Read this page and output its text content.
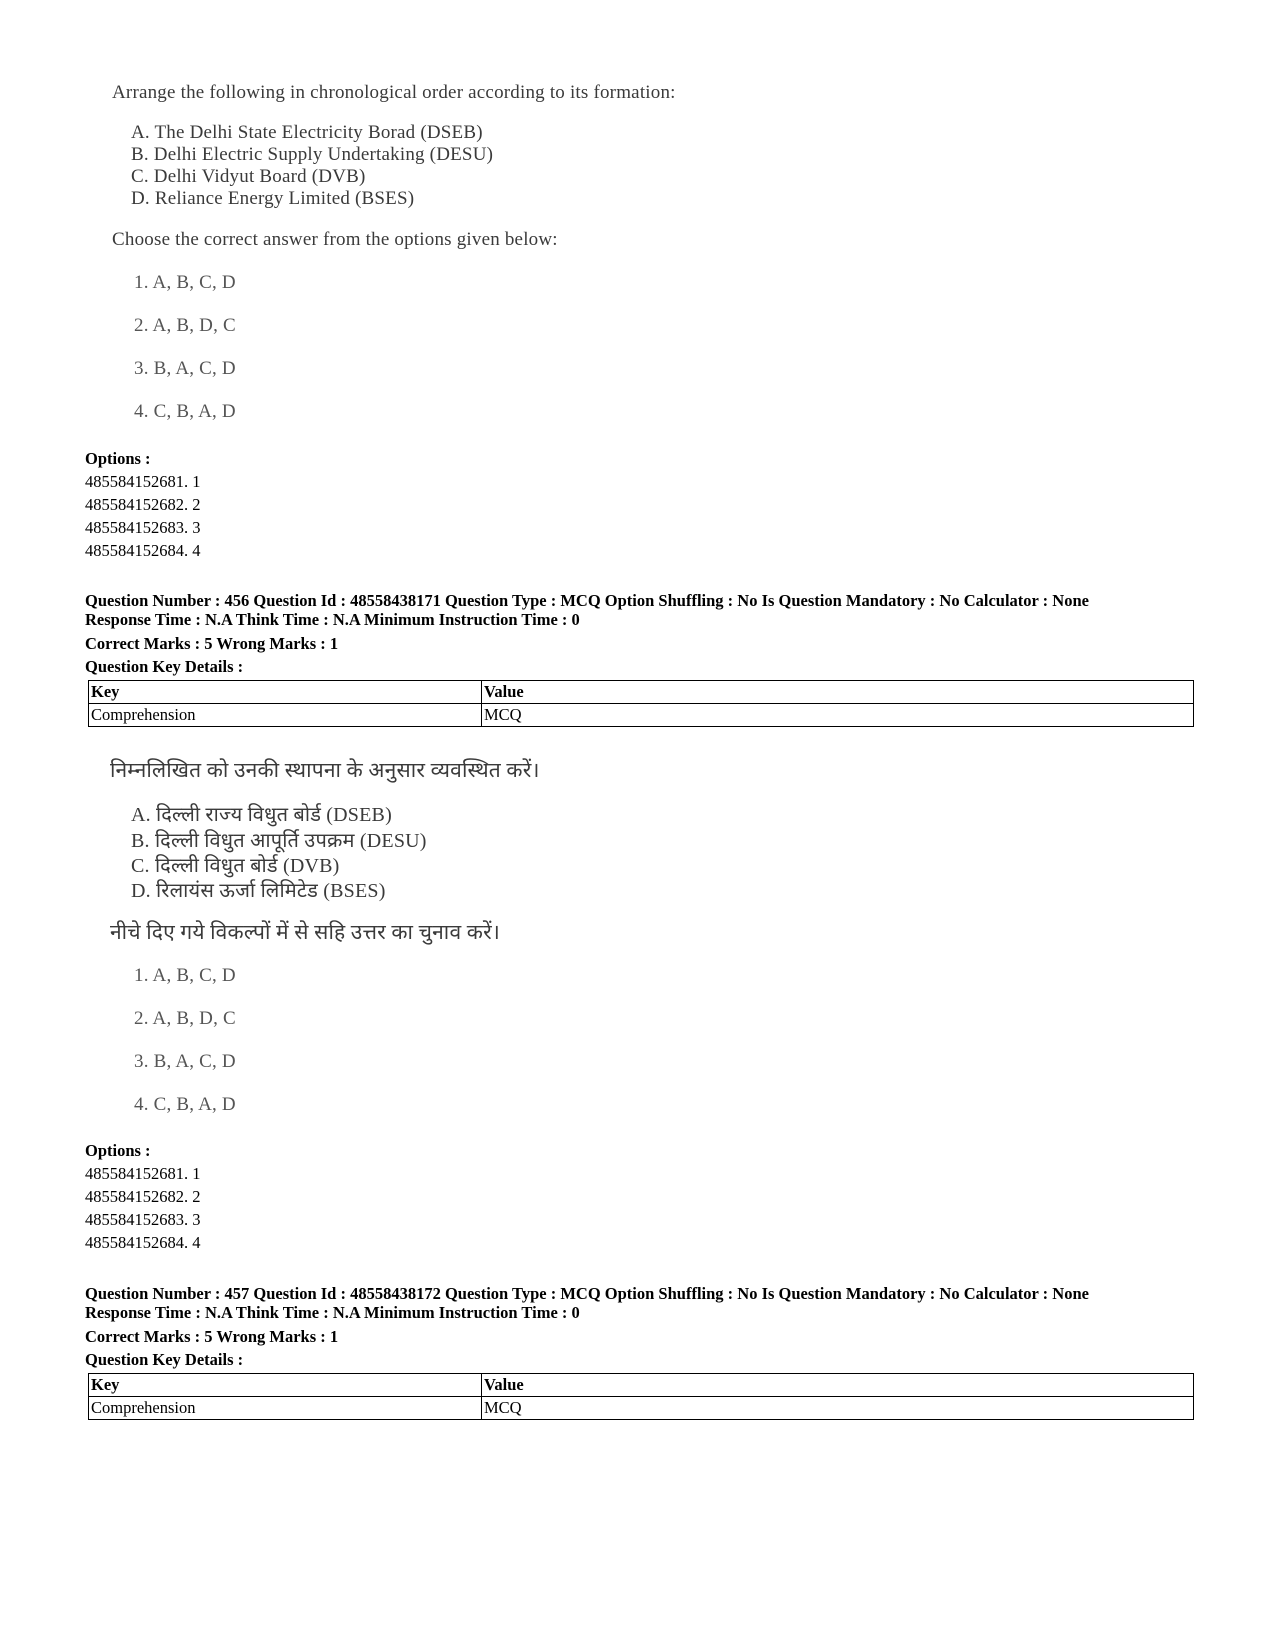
Arrange the following in chronological order according to its formation:
A. The Delhi State Electricity Borad (DSEB)
B. Delhi Electric Supply Undertaking (DESU)
C. Delhi Vidyut Board (DVB)
D. Reliance Energy Limited (BSES)
Choose the correct answer from the options given below:
1. A, B, C, D
2. A, B, D, C
3. B, A, C, D
4. C, B, A, D
Options :
485584152681. 1
485584152682. 2
485584152683. 3
485584152684. 4
Question Number : 456 Question Id : 48558438171 Question Type : MCQ Option Shuffling : No Is Question Mandatory : No Calculator : None
Response Time : N.A Think Time : N.A Minimum Instruction Time : 0
Correct Marks : 5 Wrong Marks : 1
Question Key Details :
Key	Value
Comprehension	MCQ
निम्नलिखित को उनकी स्थापना के अनुसार व्यवस्थित करें।
A. दिल्ली राज्य विधुत बोर्ड (DSEB)
B. दिल्ली विधुत आपूर्ति उपक्रम (DESU)
C. दिल्ली विधुत बोर्ड (DVB)
D. रिलायंस ऊर्जा लिमिटेड (BSES)
नीचे दिए गये विकल्पों में से सहि उत्तर का चुनाव करें।
1. A, B, C, D
2. A, B, D, C
3. B, A, C, D
4. C, B, A, D
Options :
485584152681. 1
485584152682. 2
485584152683. 3
485584152684. 4
Question Number : 457 Question Id : 48558438172 Question Type : MCQ Option Shuffling : No Is Question Mandatory : No Calculator : None
Response Time : N.A Think Time : N.A Minimum Instruction Time : 0
Correct Marks : 5 Wrong Marks : 1
Question Key Details :
Key	Value
Comprehension	MCQ
